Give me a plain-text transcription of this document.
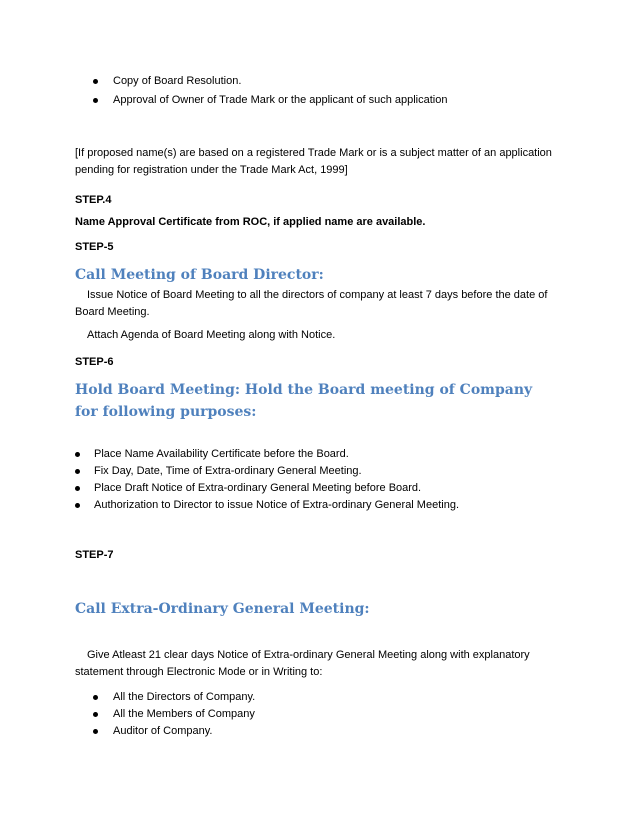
Copy of Board Resolution.
Approval of Owner of Trade Mark or the applicant of such application
[If proposed name(s) are based on a registered Trade Mark or is a subject matter of an application pending for registration under the Trade Mark Act, 1999]
STEP.4
Name Approval Certificate from ROC, if applied name are available.
STEP-5
Call Meeting of Board Director:
Issue Notice of Board Meeting to all the directors of company at least 7 days before the date of Board Meeting.
Attach Agenda of Board Meeting along with Notice.
STEP-6
Hold Board Meeting: Hold the Board meeting of Company for following purposes:
Place Name Availability Certificate before the Board.
Fix Day, Date, Time of Extra-ordinary General Meeting.
Place Draft Notice of Extra-ordinary General Meeting before Board.
Authorization to Director to issue Notice of Extra-ordinary General Meeting.
STEP-7
Call Extra-Ordinary General Meeting:
Give Atleast 21 clear days Notice of Extra-ordinary General Meeting along with explanatory statement through Electronic Mode or in Writing to:
All the Directors of Company.
All the Members of Company
Auditor of Company.
